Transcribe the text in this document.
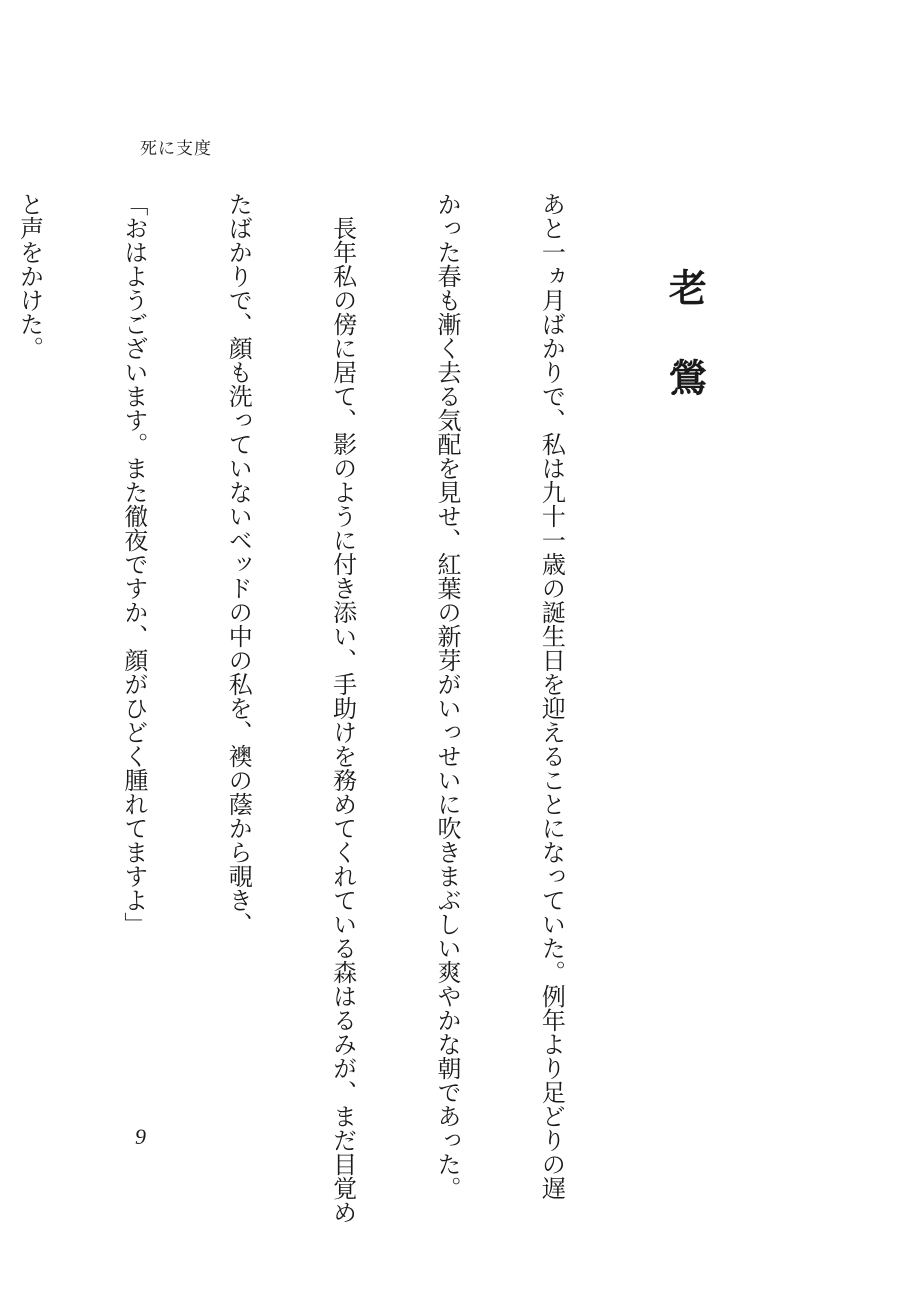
死に支度
老鶯

あと一ヵ月ばかりで、私は九十一歳の誕生日を迎えることになっていた。例年より足どりの遅

かった春も漸く去る気配を見せ、紅葉の新芽がいっせいに吹きまぶしい爽やかな朝であった。

　長年私の傍に居て、影のように付き添い、手助けを務めてくれている森はるみが、まだ目覚め

たばかりで、顔も洗っていないベッドの中の私を、襖の蔭から覗き、

「おはようございます。また徹夜ですか、顔がひどく腫れてますよ」

と声をかけた。

9
